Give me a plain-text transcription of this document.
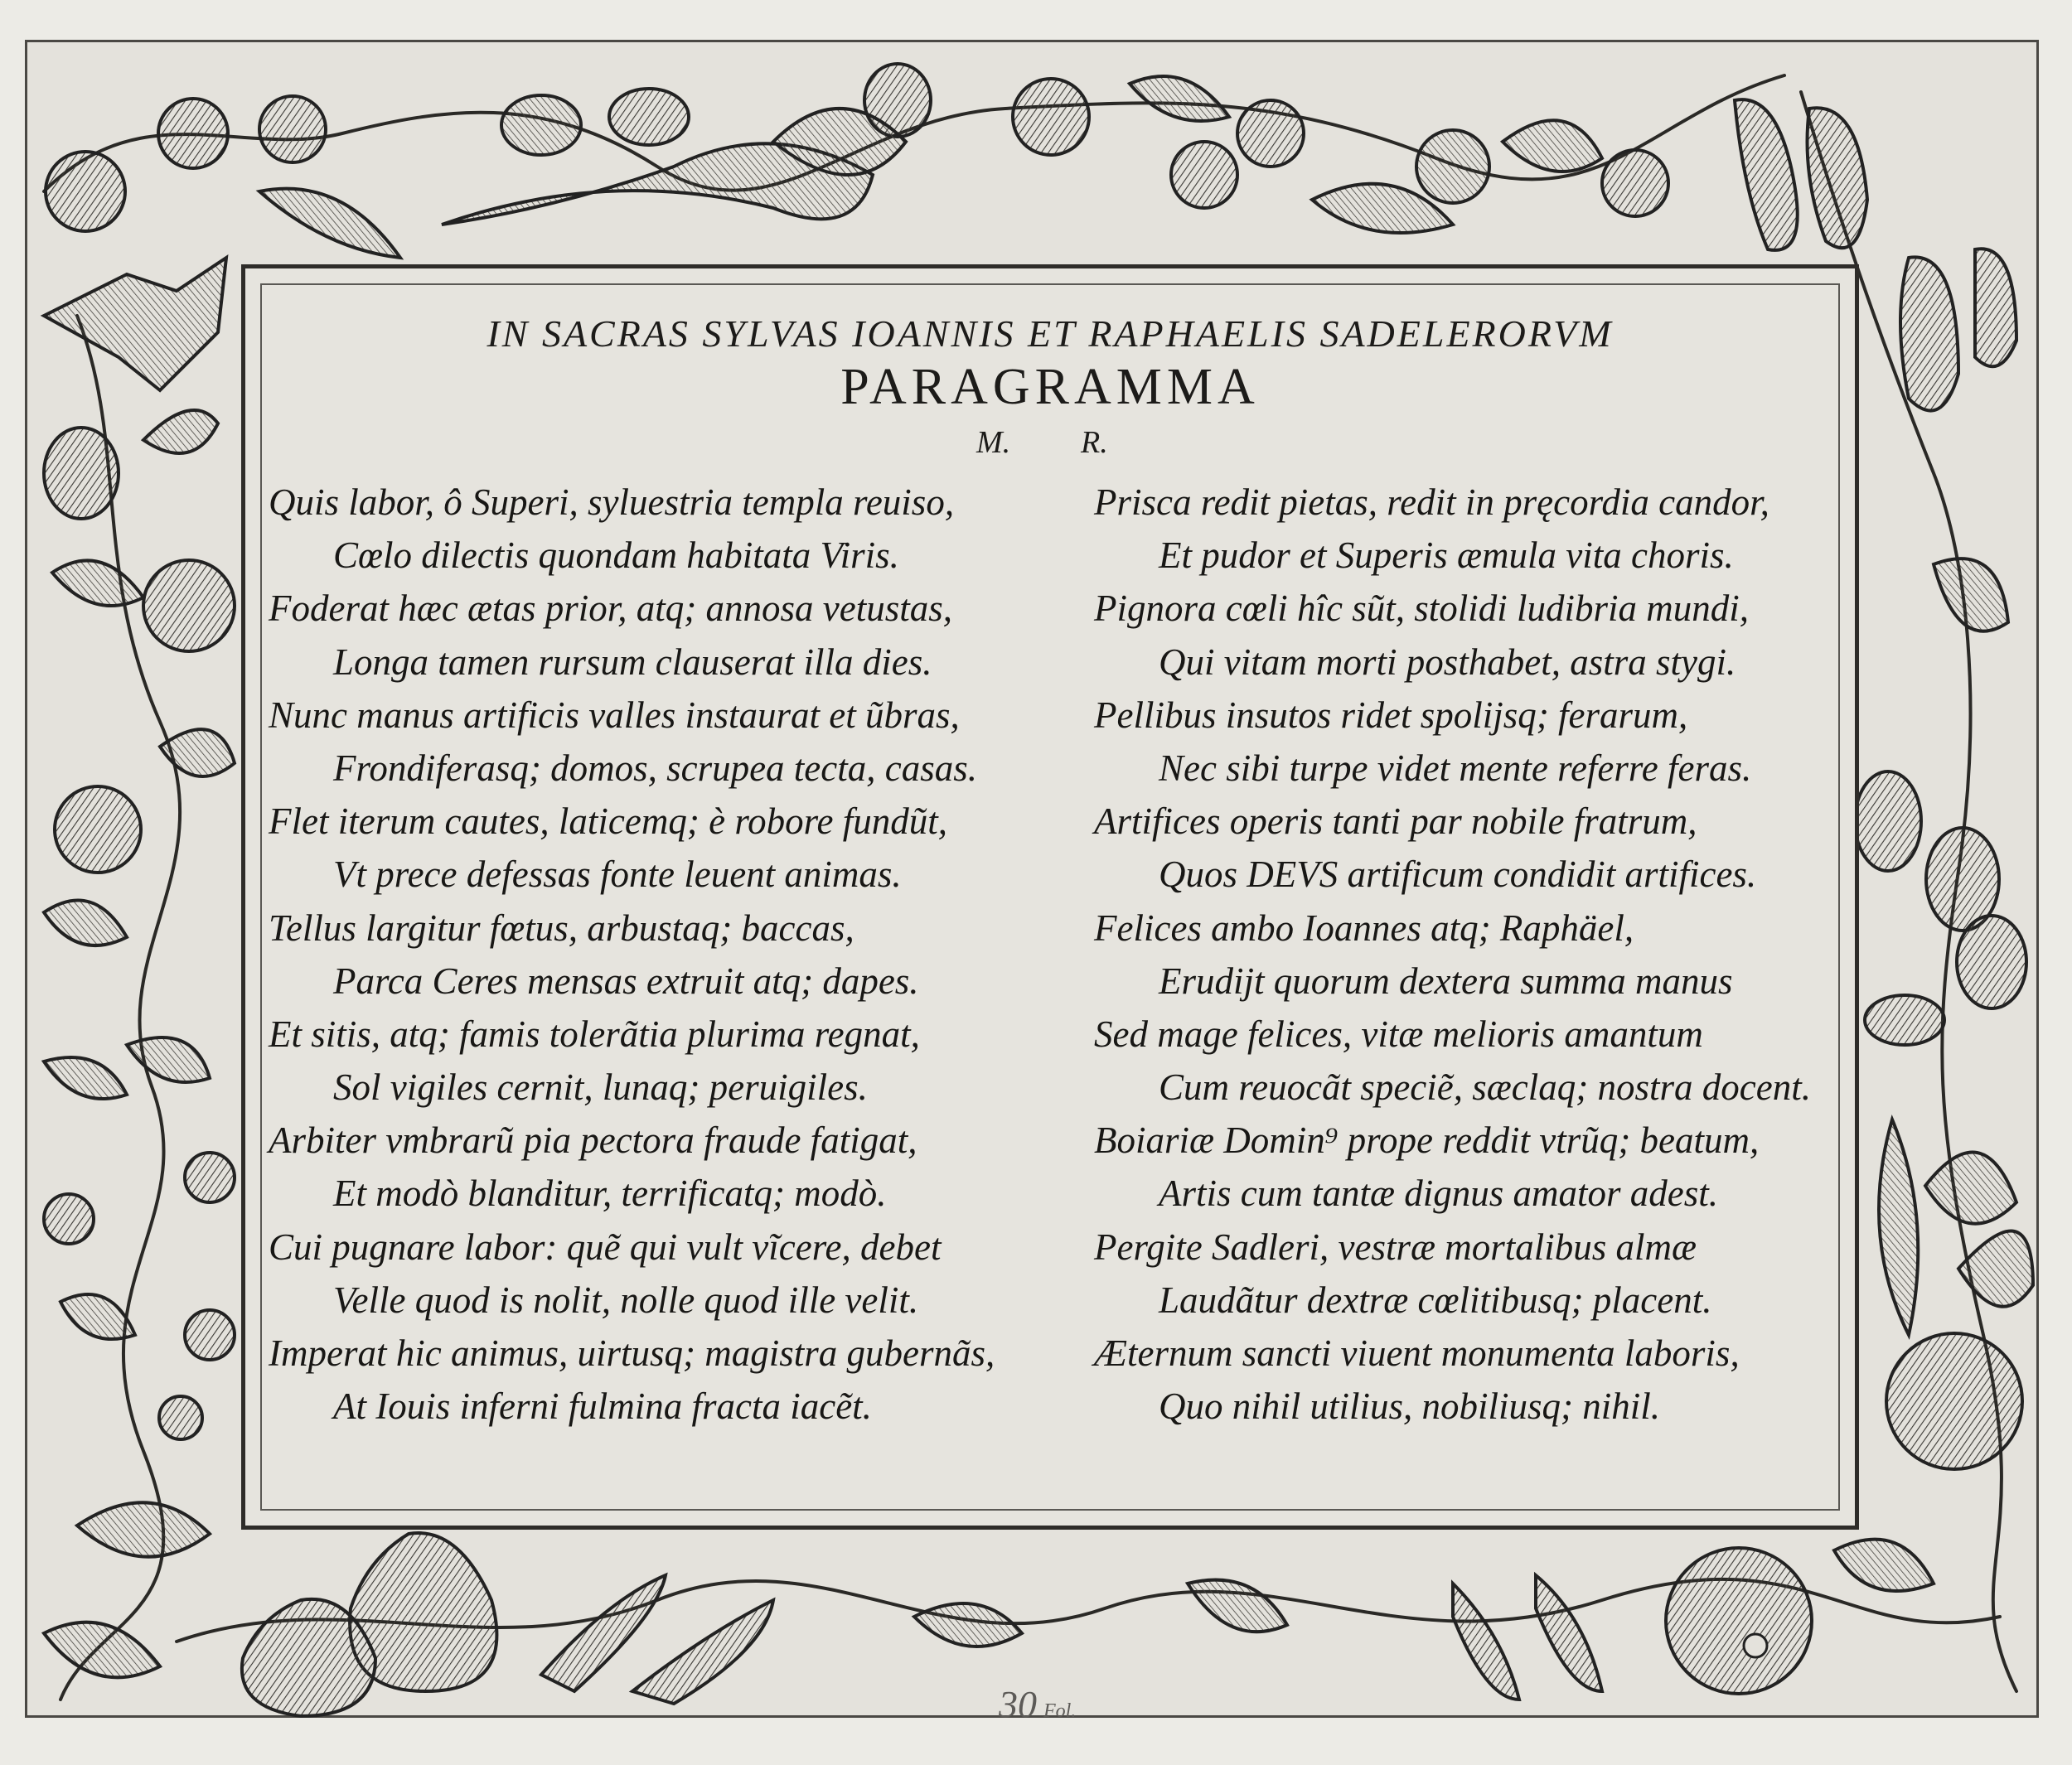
IN SACRAS SYLVAS IOANNIS ET RAPHAELIS SADELERORVM
PARAGRAMMA
M. R.
Quis labor, ô Superi, syluestria templa reuiso,
Cœlo dilectis quondam habitata Viris.
Foderat hæc ætas prior, atq; annosa vetustas,
Longa tamen rursum clauserat illa dies.
Nunc manus artificis valles instaurat et ũbras,
Frondiferasq; domos, scrupea tecta, casas.
Flet iterum cautes, laticemq; è robore fundũt,
Vt prece defessas fonte leuent animas.
Tellus largitur fœtus, arbustaq; baccas,
Parca Ceres mensas extruit atq; dapes.
Et sitis, atq; famis tolerãtia plurima regnat,
Sol vigiles cernit, lunaq; peruigiles.
Arbiter vmbrarũ pia pectora fraude fatigat,
Et modò blanditur, terrificatq; modò.
Cui pugnare labor: quẽ qui vult vĩcere, debet
Velle quod is nolit, nolle quod ille velit.
Imperat hic animus, uirtusq; magistra gubernãs,
At Iouis inferni fulmina fracta iacẽt.
Prisca redit pietas, redit in pręcordia candor,
Et pudor et Superis æmula vita choris.
Pignora cœli hîc sũt, stolidi ludibria mundi,
Qui vitam morti posthabet, astra stygi.
Pellibus insutos ridet spolijsq; ferarum,
Nec sibi turpe videt mente referre feras.
Artifices operis tanti par nobile fratrum,
Quos DEVS artificum condidit artifices.
Felices ambo Ioannes atq; Raphäel,
Erudijt quorum dextera summa manus
Sed mage felices, vitæ melioris amantum
Cum reuocãt speciẽ, sæclaq; nostra docent.
Boiariæ Domin⁹ prope reddit vtrũq; beatum,
Artis cum tantæ dignus amator adest.
Pergite Sadleri, vestræ mortalibus almæ
Laudãtur dextræ cœlitibusq; placent.
Æternum sancti viuent monumenta laboris,
Quo nihil utilius, nobiliusq; nihil.
30 Fol.
